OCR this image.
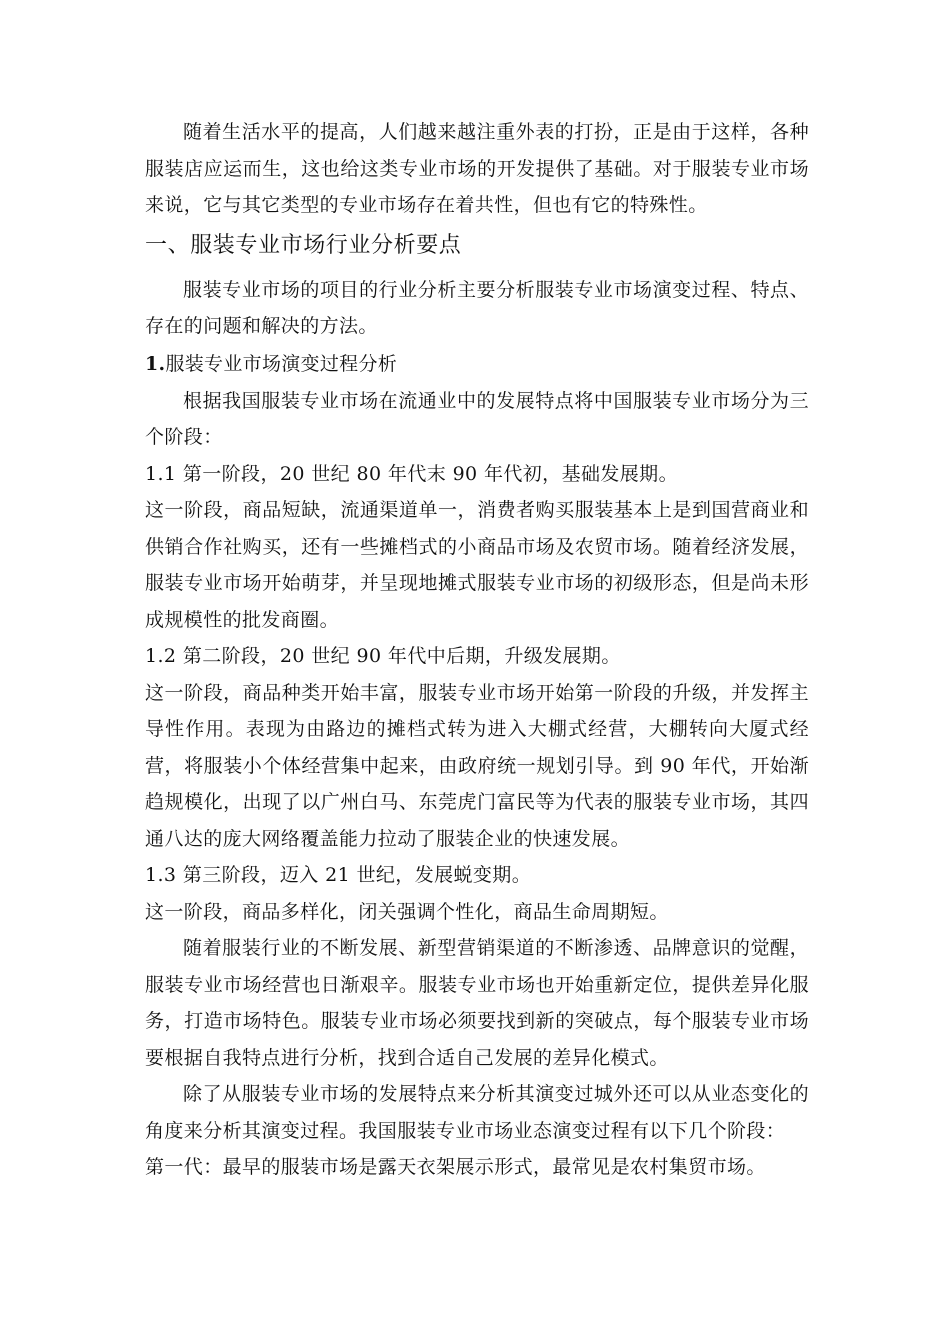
随着生活水平的提高，人们越来越注重外表的打扮，正是由于这样，各种服装店应运而生，这也给这类专业市场的开发提供了基础。对于服装专业市场来说，它与其它类型的专业市场存在着共性，但也有它的特殊性。

一、服装专业市场行业分析要点

服装专业市场的项目的行业分析主要分析服装专业市场演变过程、特点、存在的问题和解决的方法。

1.服装专业市场演变过程分析

根据我国服装专业市场在流通业中的发展特点将中国服装专业市场分为三个阶段：

1.1 第一阶段，20 世纪 80 年代末 90 年代初，基础发展期。

这一阶段，商品短缺，流通渠道单一，消费者购买服装基本上是到国营商业和供销合作社购买，还有一些摊档式的小商品市场及农贸市场。随着经济发展，服装专业市场开始萌芽，并呈现地摊式服装专业市场的初级形态，但是尚未形成规模性的批发商圈。

1.2 第二阶段，20 世纪 90 年代中后期，升级发展期。

这一阶段，商品种类开始丰富，服装专业市场开始第一阶段的升级，并发挥主导性作用。表现为由路边的摊档式转为进入大棚式经营，大棚转向大厦式经营，将服装小个体经营集中起来，由政府统一规划引导。到 90 年代，开始渐趋规模化，出现了以广州白马、东莞虎门富民等为代表的服装专业市场，其四通八达的庞大网络覆盖能力拉动了服装企业的快速发展。

1.3 第三阶段，迈入 21 世纪，发展蜕变期。

这一阶段，商品多样化，闭关强调个性化，商品生命周期短。

随着服装行业的不断发展、新型营销渠道的不断渗透、品牌意识的觉醒，服装专业市场经营也日渐艰辛。服装专业市场也开始重新定位，提供差异化服务，打造市场特色。服装专业市场必须要找到新的突破点，每个服装专业市场要根据自我特点进行分析，找到合适自己发展的差异化模式。

除了从服装专业市场的发展特点来分析其演变过城外还可以从业态变化的角度来分析其演变过程。我国服装专业市场业态演变过程有以下几个阶段：

第一代：最早的服装市场是露天衣架展示形式，最常见是农村集贸市场。
